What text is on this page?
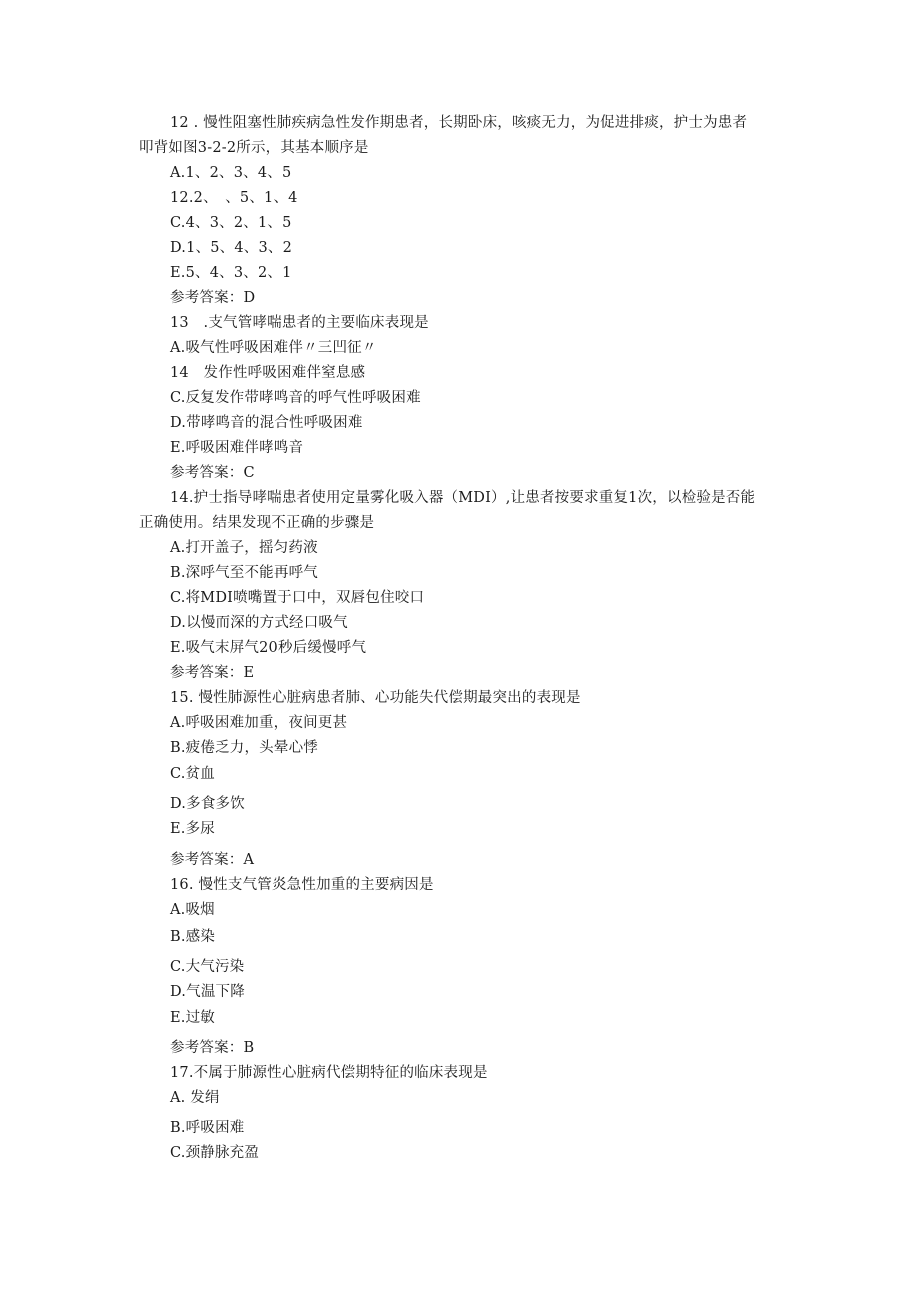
12 . 慢性阻塞性肺疾病急性发作期患者，长期卧床，咳痰无力，为促进排痰，护士为患者
叩背如图3-2-2所示，其基本顺序是
A.1、2、3、4、5
12.2、　、5、1、4
C.4、3、2、1、5
D.1、5、4、3、2
E.5、4、3、2、1
参考答案：D
13　.支气管哮喘患者的主要临床表现是
A.吸气性呼吸困难伴〃三凹征〃
14　发作性呼吸困难伴窒息感
C.反复发作带哮鸣音的呼气性呼吸困难
D.带哮鸣音的混合性呼吸困难
E.呼吸困难伴哮鸣音
参考答案：C
14.护士指导哮喘患者使用定量雾化吸入器（MDI）,让患者按要求重复1次，以检验是否能
正确使用。结果发现不正确的步骤是
A.打开盖子，摇匀药液
B.深呼气至不能再呼气
C.将MDI喷嘴置于口中，双唇包住咬口
D.以慢而深的方式经口吸气
E.吸气末屏气20秒后缓慢呼气
参考答案：E
15. 慢性肺源性心脏病患者肺、心功能失代偿期最突出的表现是
A.呼吸困难加重，夜间更甚
B.疲倦乏力，头晕心悸
C.贫血
D.多食多饮
E.多尿
参考答案：A
16. 慢性支气管炎急性加重的主要病因是
A.吸烟
B.感染
C.大气污染
D.气温下降
E.过敏
参考答案：B
17.不属于肺源性心脏病代偿期特征的临床表现是
A. 发绢
B.呼吸困难
C.颈静脉充盈
